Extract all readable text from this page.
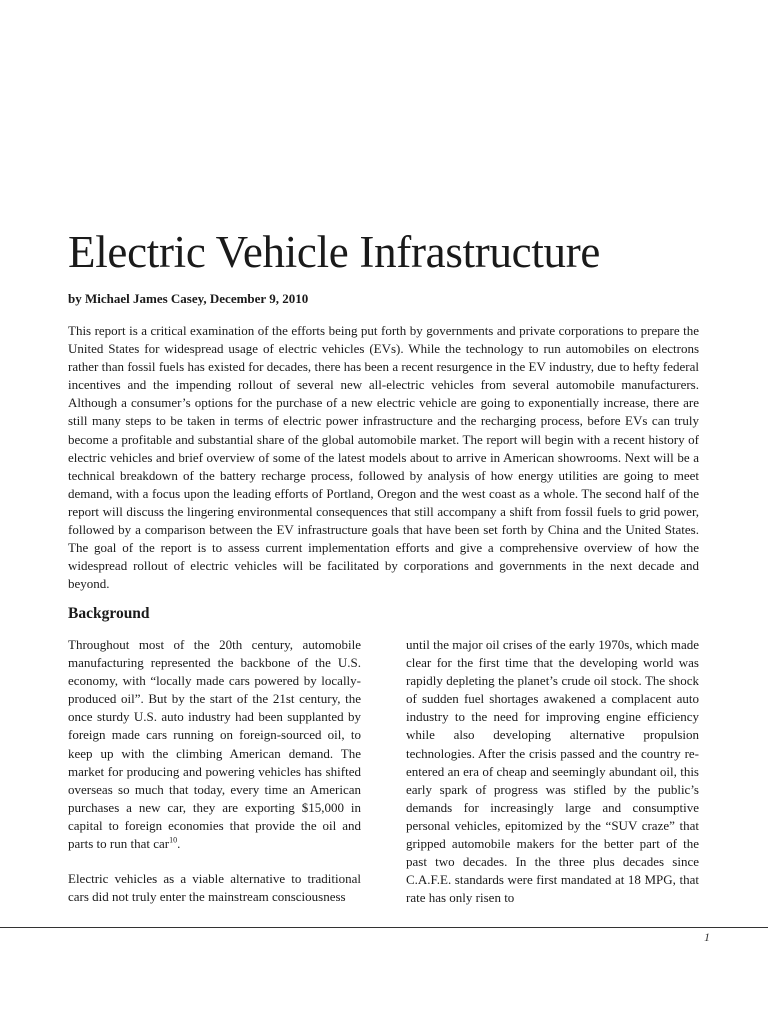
Electric Vehicle Infrastructure

by Michael James Casey, December 9, 2010

This report is a critical examination of the efforts being put forth by governments and private corporations to prepare the United States for widespread usage of electric vehicles (EVs). While the technology to run automobiles on electrons rather than fossil fuels has existed for decades, there has been a recent resurgence in the EV industry, due to hefty federal incentives and the impending rollout of several new all-electric vehicles from several automobile manufacturers. Although a consumer’s options for the purchase of a new electric vehicle are going to exponentially increase, there are still many steps to be taken in terms of electric power infrastructure and the recharging process, before EVs can truly become a profitable and substantial share of the global automobile market. The report will begin with a recent history of electric vehicles and brief overview of some of the latest models about to arrive in American showrooms. Next will be a technical breakdown of the battery recharge process, followed by analysis of how energy utilities are going to meet demand, with a focus upon the leading efforts of Portland, Oregon and the west coast as a whole. The second half of the report will discuss the lingering environmental consequences that still accompany a shift from fossil fuels to grid power, followed by a comparison between the EV infrastructure goals that have been set forth by China and the United States. The goal of the report is to assess current implementation efforts and give a comprehensive overview of how the widespread rollout of electric vehicles will be facilitated by corporations and governments in the next decade and beyond.

Background

Throughout most of the 20th century, automobile manufacturing represented the backbone of the U.S. economy, with “locally made cars powered by locally-produced oil”. But by the start of the 21st century, the once sturdy U.S. auto industry had been supplanted by foreign made cars running on foreign-sourced oil, to keep up with the climbing American demand. The market for producing and powering vehicles has shifted overseas so much that today, every time an American purchases a new car, they are exporting $15,000 in capital to foreign economies that provide the oil and parts to run that car$^{10}$.

Electric vehicles as a viable alternative to traditional cars did not truly enter the mainstream consciousness

until the major oil crises of the early 1970s, which made clear for the first time that the developing world was rapidly depleting the planet’s crude oil stock. The shock of sudden fuel shortages awakened a complacent auto industry to the need for improving engine efficiency while also developing alternative propulsion technologies. After the crisis passed and the country re-entered an era of cheap and seemingly abundant oil, this early spark of progress was stifled by the public’s demands for increasingly large and consumptive personal vehicles, epitomized by the “SUV craze” that gripped automobile makers for the better part of the past two decades. In the three plus decades since C.A.F.E. standards were first mandated at 18 MPG, that rate has only risen to

1
